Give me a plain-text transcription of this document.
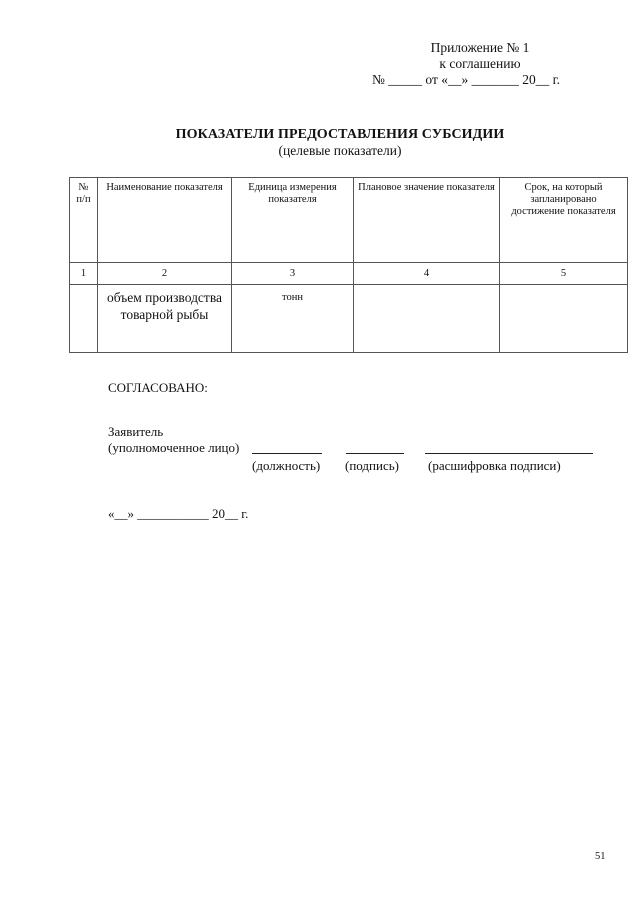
Приложение № 1
к соглашению
№ _____ от «__» _______ 20__ г.
ПОКАЗАТЕЛИ ПРЕДОСТАВЛЕНИЯ СУБСИДИИ
(целевые показатели)
№ п/п	Наименование показателя	Единица измерения показателя	Плановое значение показателя	Срок, на который запланировано достижение показателя
1	2	3	4	5
	объем производства товарной рыбы	тонн		
СОГЛАСОВАНО:
Заявитель
(уполномоченное лицо)
(должность) (подпись) (расшифровка подписи)
«__» ___________ 20__ г.
51
